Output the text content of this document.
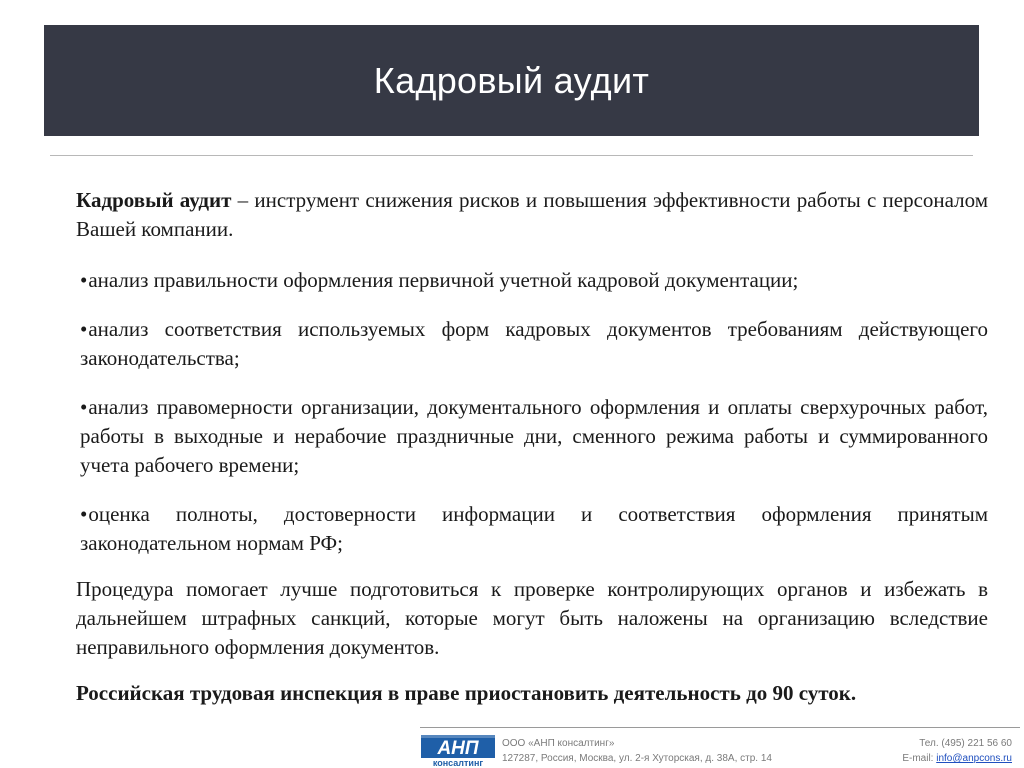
Кадровый аудит

Кадровый аудит – инструмент снижения рисков и повышения эффективности работы с персоналом Вашей компании.

•анализ правильности оформления первичной учетной кадровой документации;

•анализ соответствия используемых форм кадровых документов требованиям действующего законодательства;

•анализ правомерности организации, документального оформления и оплаты сверхурочных работ, работы в выходные и нерабочие праздничные дни, сменного режима работы и суммированного учета рабочего времени;

•оценка полноты, достоверности информации и соответствия оформления принятым законодательном нормам РФ;

Процедура помогает лучше подготовиться к проверке контролирующих органов и избежать в дальнейшем штрафных санкций, которые могут быть наложены на организацию вследствие неправильного оформления документов.

Российская трудовая инспекция в праве приостановить деятельность до 90 суток.

АНП
консалтинг
ООО «АНП консалтинг»
127287, Россия, Москва, ул. 2-я Хуторская, д. 38А, стр. 14
Тел. (495) 221 56 60
E-mail: info@anpcons.ru
